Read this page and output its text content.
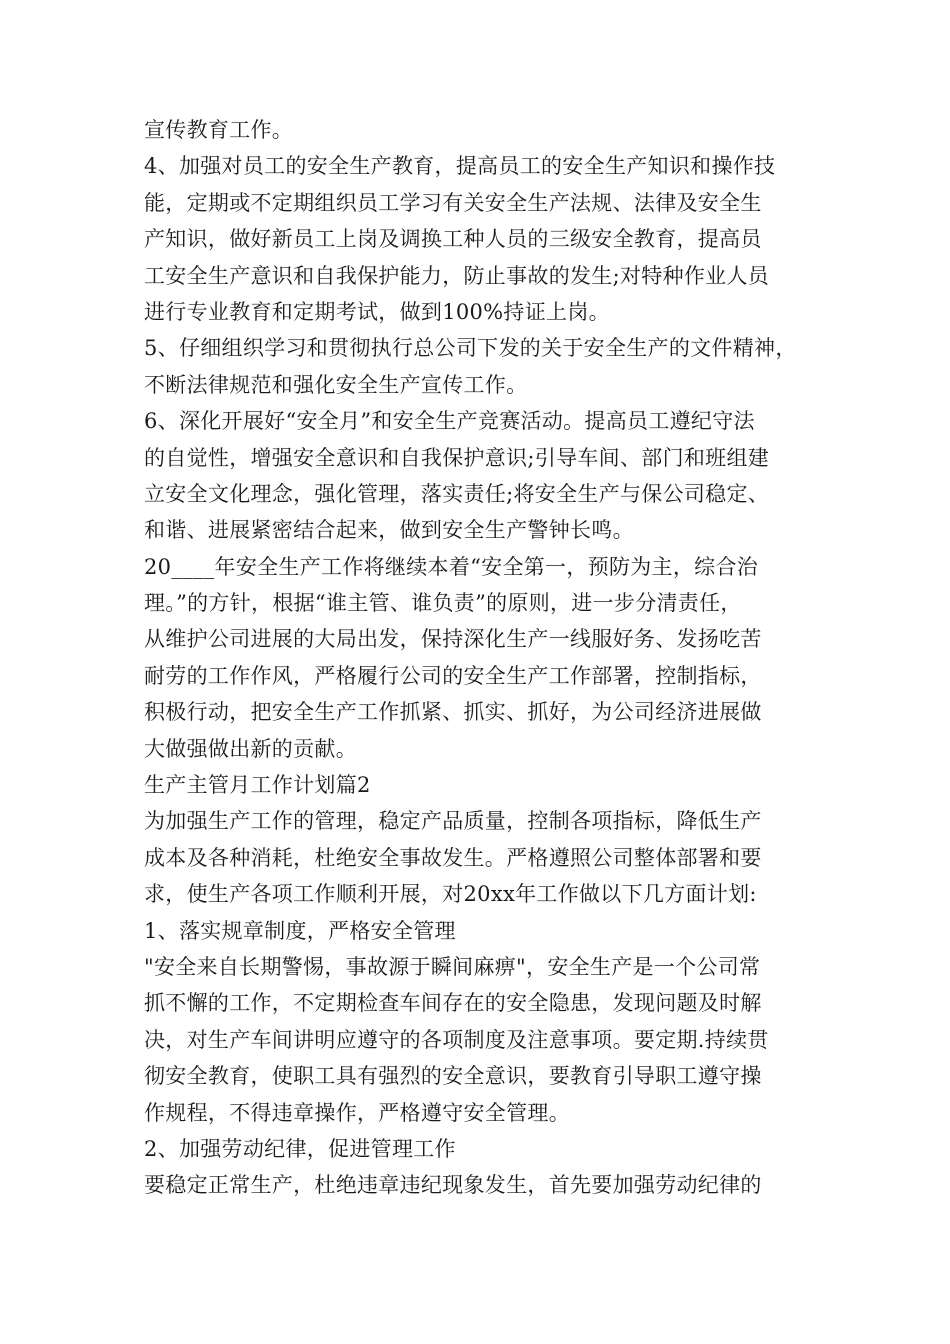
宣传教育工作。
4、加强对员工的安全生产教育，提高员工的安全生产知识和操作技
能，定期或不定期组织员工学习有关安全生产法规、法律及安全生
产知识，做好新员工上岗及调换工种人员的三级安全教育，提高员
工安全生产意识和自我保护能力，防止事故的发生;对特种作业人员
进行专业教育和定期考试，做到100%持证上岗。
5、仔细组织学习和贯彻执行总公司下发的关于安全生产的文件精神，
不断法律规范和强化安全生产宣传工作。
6、深化开展好“安全月”和安全生产竞赛活动。提高员工遵纪守法
的自觉性，增强安全意识和自我保护意识;引导车间、部门和班组建
立安全文化理念，强化管理，落实责任;将安全生产与保公司稳定、
和谐、进展紧密结合起来，做到安全生产警钟长鸣。
20____年安全生产工作将继续本着“安全第一，预防为主，综合治
理。”的方针，根据“谁主管、谁负责”的原则，进一步分清责任，
从维护公司进展的大局出发，保持深化生产一线服好务、发扬吃苦
耐劳的工作作风，严格履行公司的安全生产工作部署，控制指标，
积极行动，把安全生产工作抓紧、抓实、抓好，为公司经济进展做
大做强做出新的贡献。
生产主管月工作计划篇2
为加强生产工作的管理，稳定产品质量，控制各项指标，降低生产
成本及各种消耗，杜绝安全事故发生。严格遵照公司整体部署和要
求，使生产各项工作顺利开展，对20xx年工作做以下几方面计划:
1、落实规章制度，严格安全管理
"安全来自长期警惕，事故源于瞬间麻痹"，安全生产是一个公司常
抓不懈的工作，不定期检查车间存在的安全隐患，发现问题及时解
决，对生产车间讲明应遵守的各项制度及注意事项。要定期.持续贯
彻安全教育，使职工具有强烈的安全意识，要教育引导职工遵守操
作规程，不得违章操作，严格遵守安全管理。
2、加强劳动纪律，促进管理工作
要稳定正常生产，杜绝违章违纪现象发生，首先要加强劳动纪律的
